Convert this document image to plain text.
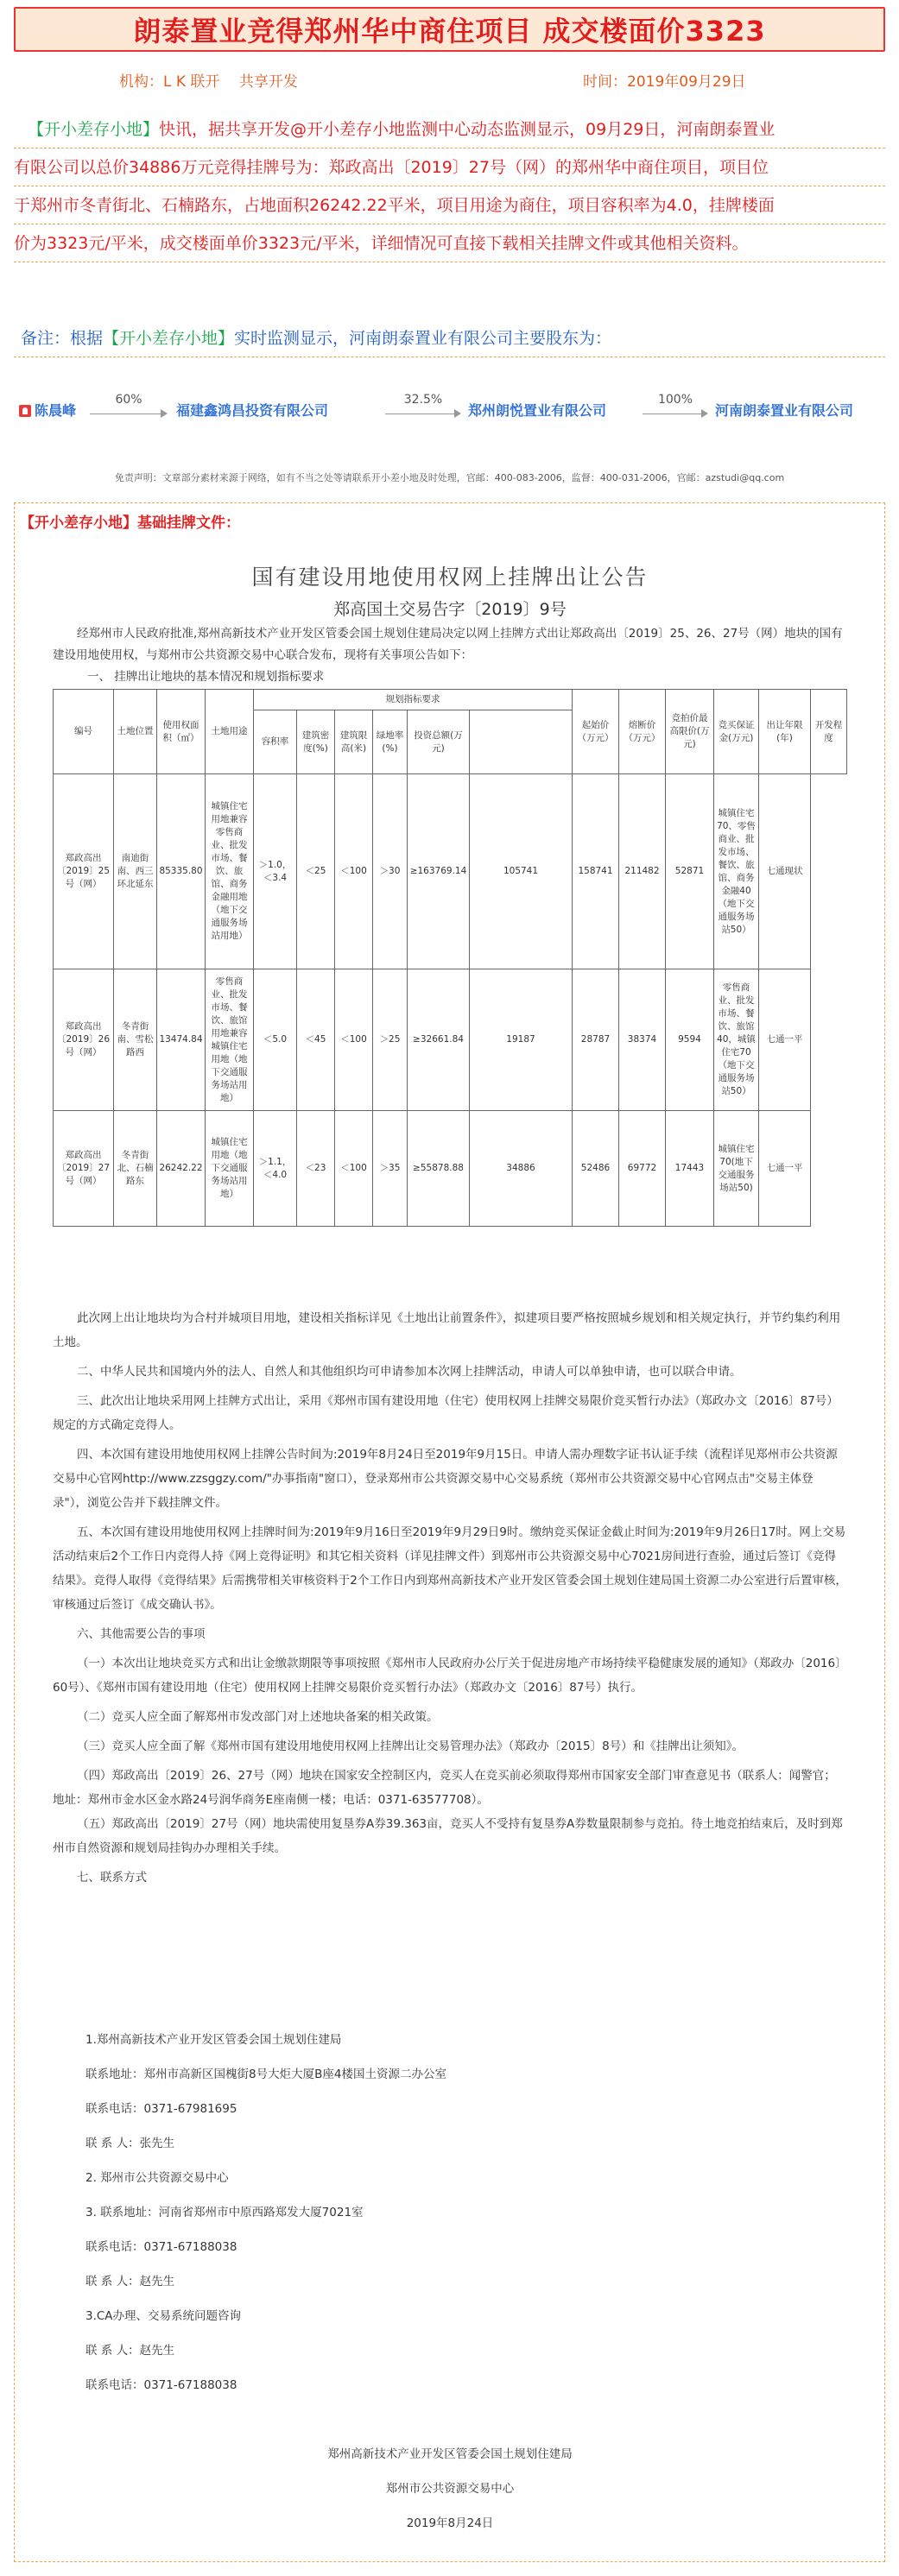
朗泰置业竞得郑州华中商住项目 成交楼面价3323
机构：L K 联开　 共享开发	时间：2019年09月29日
【开小差存小地】快讯，据共享开发@开小差存小地监测中心动态监测显示，09月29日，河南朗泰置业
有限公司以总价34886万元竞得挂牌号为：郑政高出〔2019〕27号（网）的郑州华中商住项目，项目位
于郑州市冬青街北、石楠路东，占地面积26242.22平米，项目用途为商住，项目容积率为4.0，挂牌楼面
价为3323元/平米，成交楼面单价3323元/平米，详细情况可直接下载相关挂牌文件或其他相关资料。
备注：根据【开小差存小地】实时监测显示，河南朗泰置业有限公司主要股东为：
陈晨峰
60%
福建鑫鸿昌投资有限公司
32.5%
郑州朗悦置业有限公司
100%
河南朗泰置业有限公司
免责声明：文章部分素材来源于网络，如有不当之处等请联系开小差小地及时处理，官邮：400-083-2006，监督：400-031-2006，官邮：azstudi@qq.com
【开小差存小地】基础挂牌文件：
国有建设用地使用权网上挂牌出让公告
郑高国土交易告字〔2019〕9号

经郑州市人民政府批准,郑州高新技术产业开发区管委会国土规划住建局决定以网上挂牌方式出让郑政高出〔2019〕25、26、27号（网）地块的国有建设用地使用权，与郑州市公共资源交易中心联合发布，现将有关事项公告如下：

一、 挂牌出让地块的基本情况和规划指标要求
编号	土地位置	使用权面积（㎡）	土地用途	规划指标要求						起始价（万元）	熔断价（万元）	竞拍价最高限价(万元)	竞买保证金(万元)	出让年限(年)	开发程度
				容积率	建筑密度(%)	建筑限高(米)	绿地率(%)	投资总额(万元)							
郑政高出〔2019〕25号（网）	南迪街南、西三环北延东	85335.80	城镇住宅用地兼容零售商业、批发市场、餐饮、旅馆、商务金融用地（地下交通服务场站用地）	＞1.0，＜3.4	＜25	＜100	＞30	≥163769.14	105741	158741	211482	52871	城镇住宅70、零售商业、批发市场、餐饮、旅馆、商务金融40（地下交通服务场站50）	七通现状	
郑政高出〔2019〕26号（网）	冬青街南、雪松路西	13474.84	零售商业、批发市场、餐饮、旅馆用地兼容城镇住宅用地（地下交通服务场站用地）	＜5.0	＜45	＜100	＞25	≥32661.84	19187	28787	38374	9594	零售商业、批发市场、餐饮、旅馆40，城镇住宅70（地下交通服务场站50）	七通一平	
郑政高出〔2019〕27号（网）	冬青街北、石楠路东	26242.22	城镇住宅用地（地下交通服务场站用地）	＞1.1，＜4.0	＜23	＜100	＞35	≥55878.88	34886	52486	69772	17443	城镇住宅70(地下交通服务场站50)	七通一平	

此次网上出让地块均为合村并城项目用地，建设相关指标详见《土地出让前置条件》，拟建项目要严格按照城乡规划和相关规定执行，并节约集约利用土地。

二、中华人民共和国境内外的法人、自然人和其他组织均可申请参加本次网上挂牌活动，申请人可以单独申请，也可以联合申请。

三、此次出让地块采用网上挂牌方式出让，采用《郑州市国有建设用地（住宅）使用权网上挂牌交易限价竞买暂行办法》（郑政办文〔2016〕87号）规定的方式确定竞得人。

四、本次国有建设用地使用权网上挂牌公告时间为:2019年8月24日至2019年9月15日。申请人需办理数字证书认证手续（流程详见郑州市公共资源交易中心官网http://www.zzsggzy.com/"办事指南"窗口），登录郑州市公共资源交易中心交易系统（郑州市公共资源交易中心官网点击"交易主体登录"），浏览公告并下载挂牌文件。

五、本次国有建设用地使用权网上挂牌时间为:2019年9月16日至2019年9月29日9时。缴纳竞买保证金截止时间为:2019年9月26日17时。网上交易活动结束后2个工作日内竞得人持《网上竞得证明》和其它相关资料（详见挂牌文件）到郑州市公共资源交易中心7021房间进行查验，通过后签订《竞得结果》。竞得人取得《竞得结果》后需携带相关审核资料于2个工作日内到郑州高新技术产业开发区管委会国土规划住建局国土资源二办公室进行后置审核，审核通过后签订《成交确认书》。

六、其他需要公告的事项

（一）本次出让地块竞买方式和出让金缴款期限等事项按照《郑州市人民政府办公厅关于促进房地产市场持续平稳健康发展的通知》（郑政办〔2016〕60号）、《郑州市国有建设用地（住宅）使用权网上挂牌交易限价竞买暂行办法》（郑政办文〔2016〕87号）执行。

（二）竞买人应全面了解郑州市发改部门对上述地块备案的相关政策。

（三）竞买人应全面了解《郑州市国有建设用地使用权网上挂牌出让交易管理办法》（郑政办〔2015〕8号）和《挂牌出让须知》。

（四）郑政高出〔2019〕26、27号（网）地块在国家安全控制区内，竞买人在竞买前必须取得郑州市国家安全部门审查意见书（联系人：闻警官；地址：郑州市金水区金水路24号润华商务E座南侧一楼；电话：0371-63577708）。

（五）郑政高出〔2019〕27号（网）地块需使用复垦券A券39.363亩，竞买人不受持有复垦券A券数量限制参与竞拍。待土地竞拍结束后，及时到郑州市自然资源和规划局挂钩办办理相关手续。

七、联系方式

1.郑州高新技术产业开发区管委会国土规划住建局
联系地址：郑州市高新区国槐街8号大炬大厦B座4楼国土资源二办公室
联系电话：0371-67981695
联 系 人：张先生
2. 郑州市公共资源交易中心
3. 联系地址：河南省郑州市中原西路郑发大厦7021室
联系电话：0371-67188038
联 系 人：赵先生
3.CA办理、交易系统问题咨询
联 系 人：赵先生
联系电话：0371-67188038
郑州高新技术产业开发区管委会国土规划住建局
郑州市公共资源交易中心
2019年8月24日
